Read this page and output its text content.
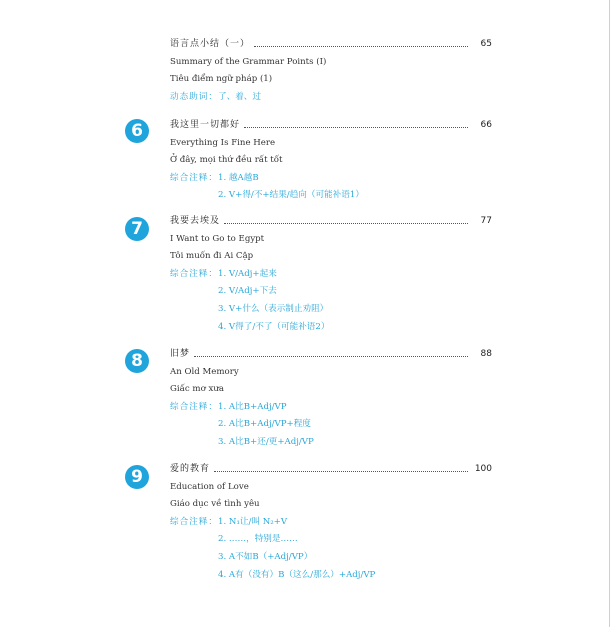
语言点小结（一）	65
Summary of the Grammar Points (Ⅰ)
Tiêu điểm ngữ pháp (1)
动态助词：了、着、过
6	我这里一切都好	66
Everything Is Fine Here
Ở đây, mọi thứ đều rất tốt
综合注释：1. 越A越B
2. V+得/不+结果/趋向（可能补语1）
7	我要去埃及	77
I Want to Go to Egypt
Tôi muốn đi Ai Cập
综合注释：1. V/Adj+起来
2. V/Adj+下去
3. V+什么（表示制止劝阻）
4. V得了/不了（可能补语2）
8	旧梦	88
An Old Memory
Giấc mơ xưa
综合注释：1. A比B+Adj/VP
2. A比B+Adj/VP+程度
3. A比B+还/更+Adj/VP
9	爱的教育	100
Education of Love
Giáo dục về tình yêu
综合注释：1. N₁让/叫 N₂+V
2. ……，特别是……
3. A不如B（+Adj/VP）
4. A有（没有）B（这么/那么）+Adj/VP
